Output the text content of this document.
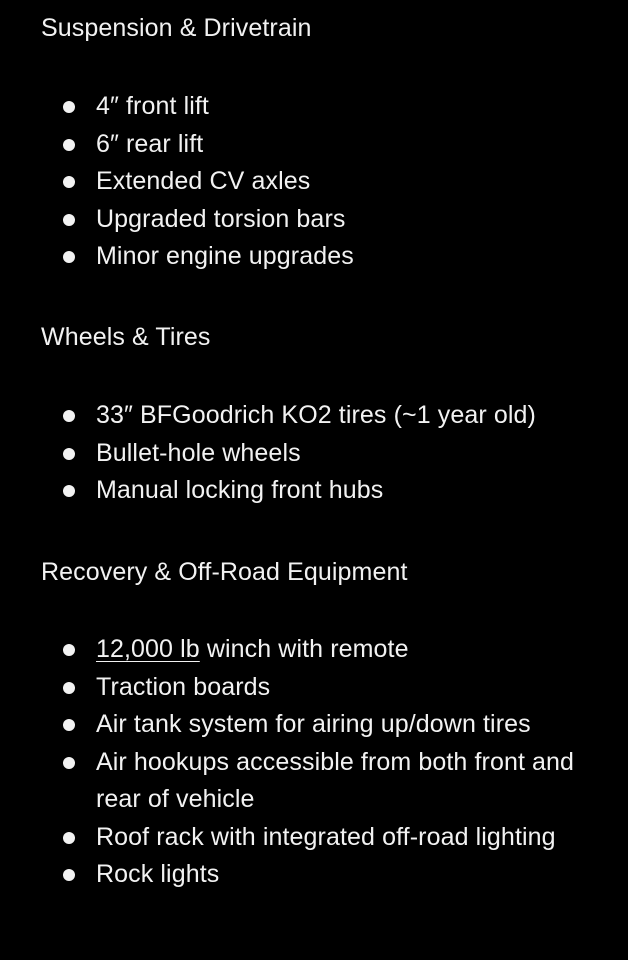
Suspension & Drivetrain
4″ front lift
6″ rear lift
Extended CV axles
Upgraded torsion bars
Minor engine upgrades
Wheels & Tires
33″ BFGoodrich KO2 tires (~1 year old)
Bullet-hole wheels
Manual locking front hubs
Recovery & Off-Road Equipment
12,000 lb winch with remote
Traction boards
Air tank system for airing up/down tires
Air hookups accessible from both front and rear of vehicle
Roof rack with integrated off-road lighting
Rock lights
